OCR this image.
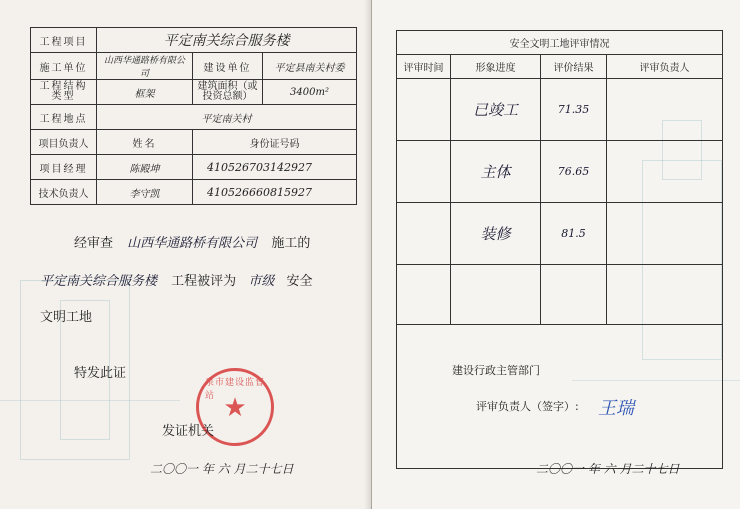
工程项目	平定南关综合服务楼		
施工单位	山西华通路桥有限公司	建设单位	平定县南关村委
工程结构类型	框架	建筑面积（或投资总额）	3400m²
工程地点	平定南关村		
项目负责人	姓名	身份证号码	
项目经理	陈殿坤	410526703142927	
技术负责人	李守凯	410526660815927	
经审查 山西华通路桥有限公司 施工的
平定南关综合服务楼 工程被评为 市级 安全
文明工地
特发此证
泉市建设监督站 ★
发证机关
二〇〇一 年 六 月二十七日
安全文明工地评审情况			
评审时间	形象进度	评价结果	评审负责人
	已竣工	71.35	
	主体	76.65	
	装修	81.5	

建设行政主管部门
评审负责人（签字）: 王瑞
二〇〇一 年 六 月二十七日
